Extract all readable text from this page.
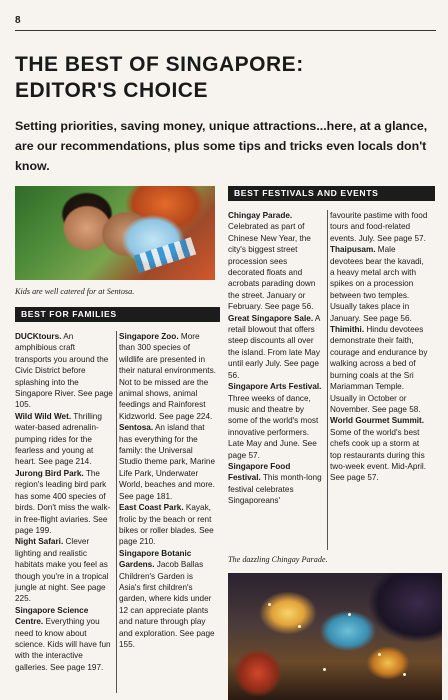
8
THE BEST OF SINGAPORE:
EDITOR'S CHOICE

Setting priorities, saving money, unique attractions...here, at a glance, are our recommendations, plus some tips and tricks even locals don't know.

Kids are well catered for at Sentosa.
BEST FOR FAMILIES
BEST FESTIVALS AND EVENTS

DUCKtours. An amphibious craft transports you around the Civic District before splashing into the Singapore River. See page 105.

Wild Wild Wet. Thrilling water-based adrenalin-pumping rides for the fearless and young at heart. See page 214.

Jurong Bird Park. The region's leading bird park has some 400 species of birds. Don't miss the walk-in free-flight aviaries. See page 199.

Night Safari. Clever lighting and realistic habitats make you feel as though you're in a tropical jungle at night. See page 225.

Singapore Science Centre. Everything you need to know about science. Kids will have fun with the interactive galleries. See page 197.

Singapore Zoo. More than 300 species of wildlife are presented in their natural environments. Not to be missed are the animal shows, animal feedings and Rainforest Kidzworld. See page 224.

Sentosa. An island that has everything for the family: the Universal Studio theme park, Marine Life Park, Underwater World, beaches and more. See page 181.

East Coast Park. Kayak, frolic by the beach or rent bikes or roller blades. See page 210.

Singapore Botanic Gardens. Jacob Ballas Children's Garden is Asia's first children's garden, where kids under 12 can appreciate plants and nature through play and exploration. See page 155.

Chingay Parade. Celebrated as part of Chinese New Year, the city's biggest street procession sees decorated floats and acrobats parading down the street. January or February. See page 56.

Great Singapore Sale. A retail blowout that offers steep discounts all over the island. From late May until early July. See page 56.

Singapore Arts Festival. Three weeks of dance, music and theatre by some of the world's most innovative performers. Late May and June. See page 57.

Singapore Food Festival. This month-long festival celebrates Singaporeans'

favourite pastime with food tours and food-related events. July. See page 57.

Thaipusam. Male devotees bear the kavadi, a heavy metal arch with spikes on a procession between two temples. Usually takes place in January. See page 56.

Thimithi. Hindu devotees demonstrate their faith, courage and endurance by walking across a bed of burning coals at the Sri Mariamman Temple. Usually in October or November. See page 58.

World Gourmet Summit. Some of the world's best chefs cook up a storm at top restaurants during this two-week event. Mid-April. See page 57.

The dazzling Chingay Parade.
